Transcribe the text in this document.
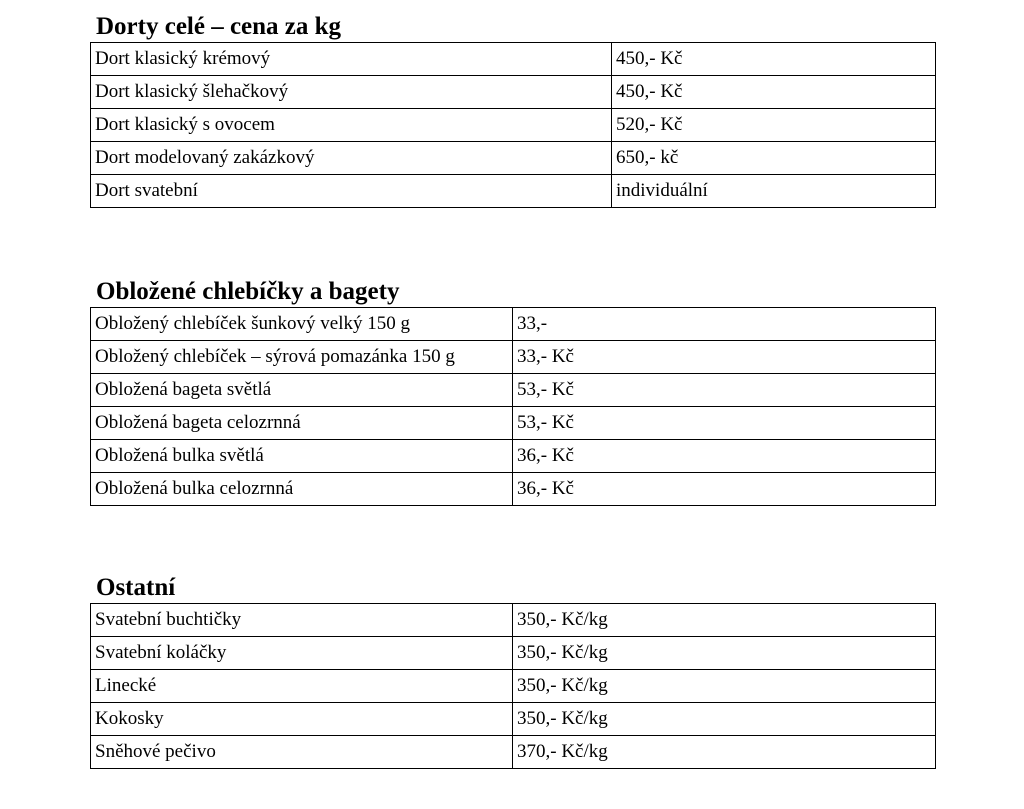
Dorty celé – cena za kg
Dort klasický krémový	450,- Kč
Dort klasický šlehačkový	450,- Kč
Dort klasický s ovocem	520,- Kč
Dort modelovaný zakázkový	650,- kč
Dort svatební	individuální
Obložené chlebíčky a bagety
Obložený chlebíček šunkový velký 150 g	33,-
Obložený chlebíček – sýrová pomazánka 150 g	33,- Kč
Obložená bageta světlá	53,- Kč
Obložená bageta celozrnná	53,- Kč
Obložená bulka světlá	36,- Kč
Obložená bulka celozrnná	36,- Kč
Ostatní
Svatební buchtičky	350,- Kč/kg
Svatební koláčky	350,- Kč/kg
Linecké	350,- Kč/kg
Kokosky	350,- Kč/kg
Sněhové pečivo	370,- Kč/kg
